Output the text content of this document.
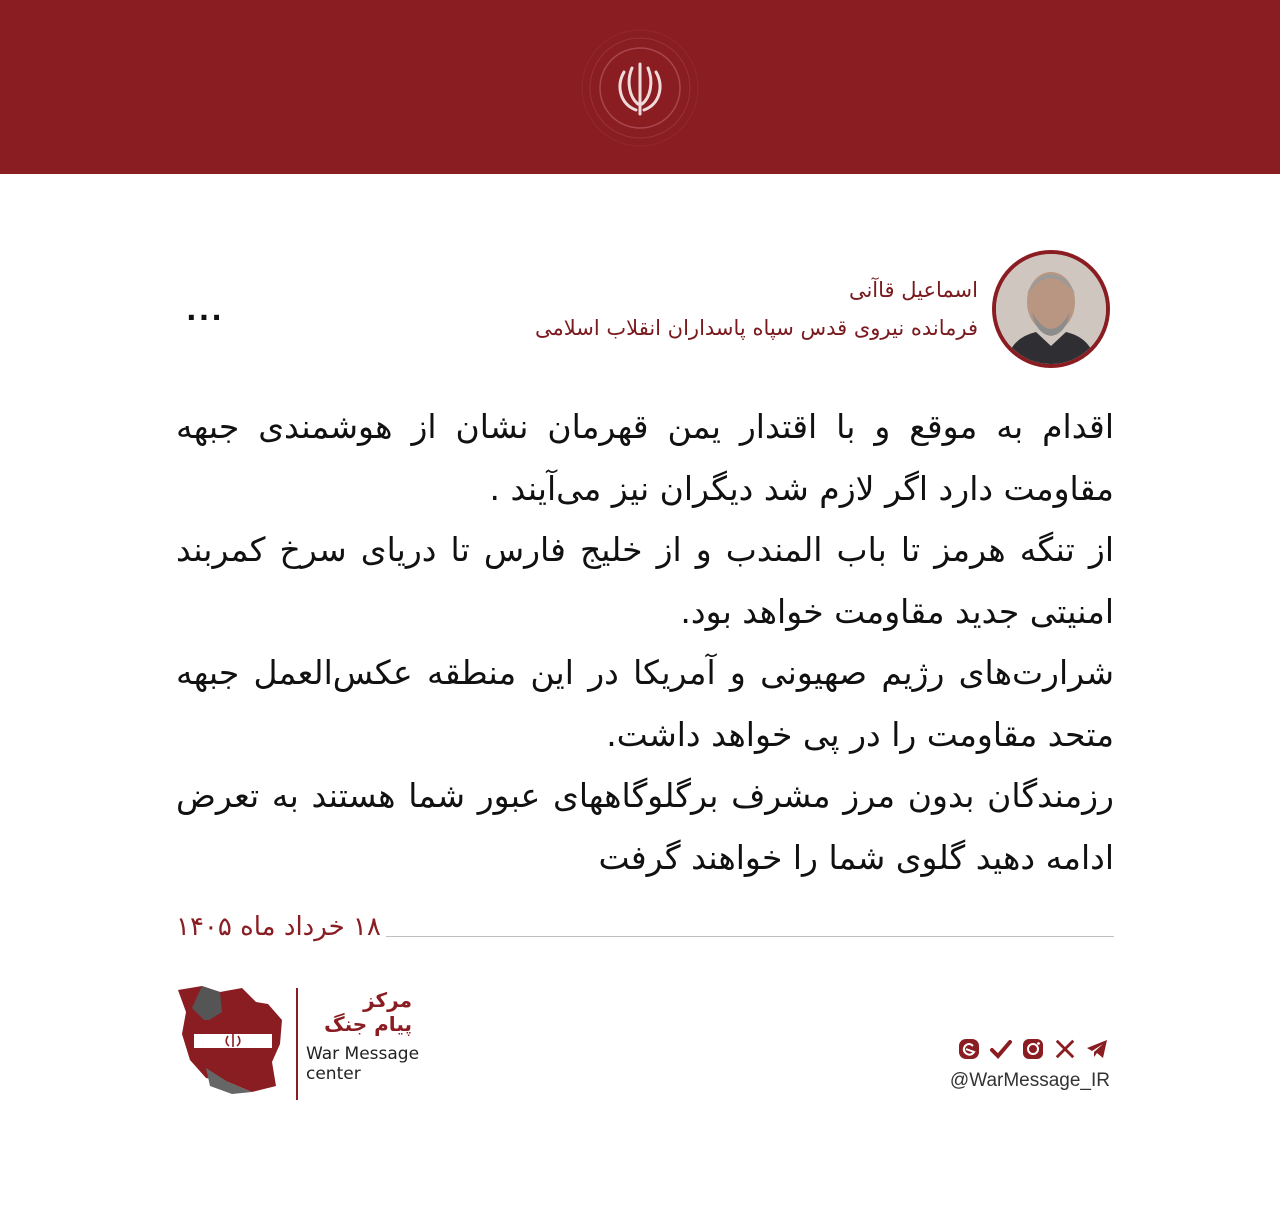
...
اسماعیل قاآنی
فرمانده نیروی قدس سپاه پاسداران انقلاب اسلامی

اقدام به موقع و با اقتدار یمن قهرمان نشان از هوشمندی جبهه مقاومت دارد اگر لازم شد دیگران نیز می‌آیند .

از تنگه هرمز تا باب المندب و از خلیج فارس تا دریای سرخ کمربند امنیتی جدید مقاومت خواهد بود.

شرارت‌های رژیم صهیونی و آمریکا در این منطقه عکس‌العمل جبهه متحد مقاومت را در پی خواهد داشت.

رزمندگان بدون مرز مشرف برگلوگاههای عبور شما هستند به تعرض ادامه دهید گلوی شما را خواهند گرفت

۱۸ خرداد ماه ۱۴۰۵
مرکز
پیام جنگ
War Message
center	@WarMessage_IR
